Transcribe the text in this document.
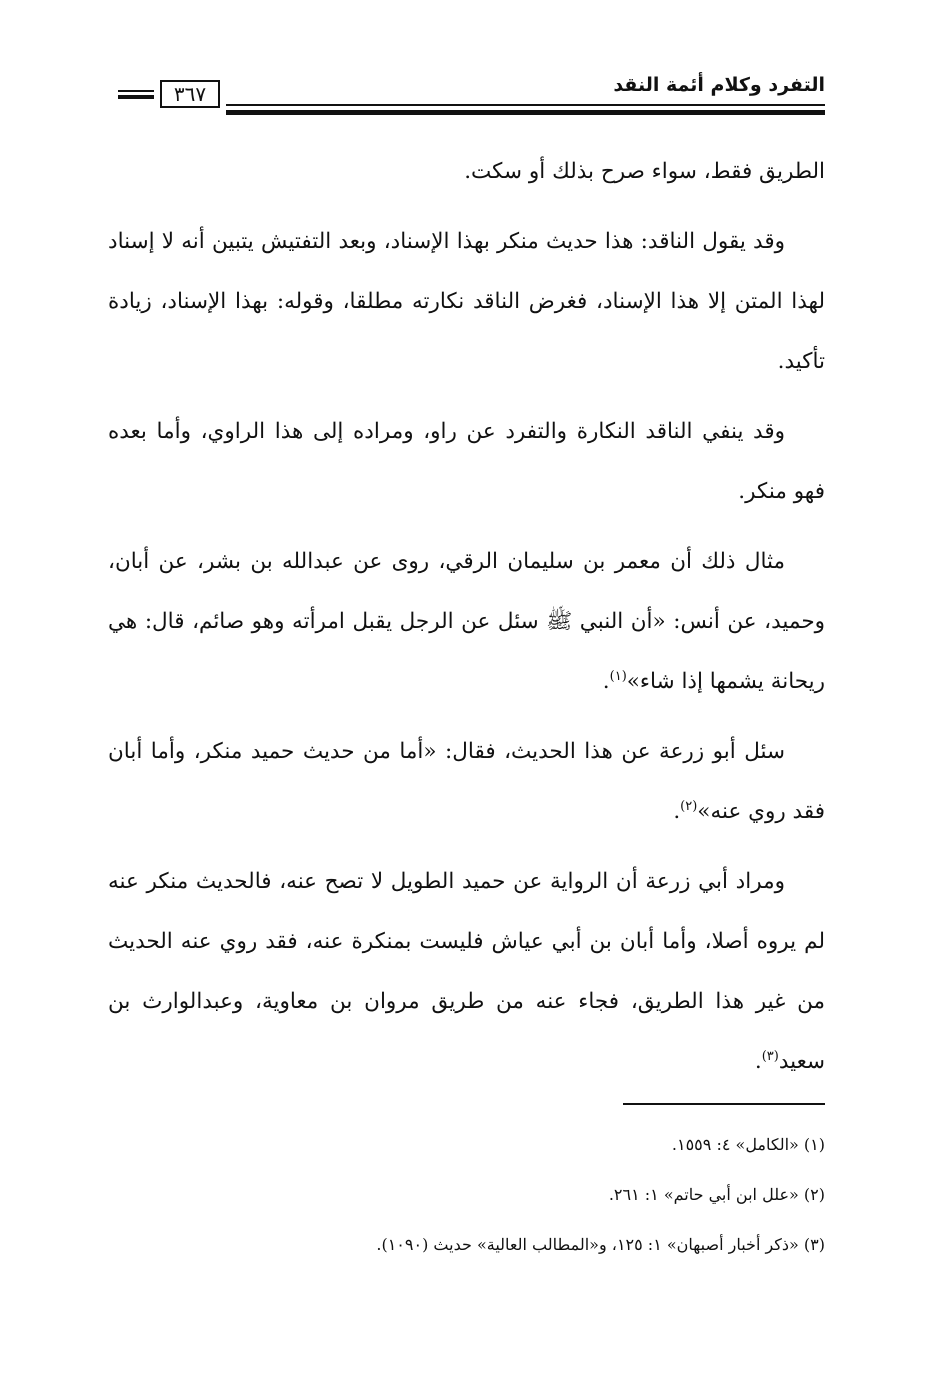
التفرد وكلام أئمة النقد
٣٦٧

الطريق فقط، سواء صرح بذلك أو سكت.

وقد يقول الناقد: هذا حديث منكر بهذا الإسناد، وبعد التفتيش يتبين أنه لا إسناد لهذا المتن إلا هذا الإسناد، فغرض الناقد نكارته مطلقا، وقوله: بهذا الإسناد، زيادة تأكيد.

وقد ينفي الناقد النكارة والتفرد عن راو، ومراده إلى هذا الراوي، وأما بعده فهو منكر.

مثال ذلك أن معمر بن سليمان الرقي، روى عن عبدالله بن بشر، عن أبان، وحميد، عن أنس: «أن النبي ﷺ سئل عن الرجل يقبل امرأته وهو صائم، قال: هي ريحانة يشمها إذا شاء»$^{(١)}$.

سئل أبو زرعة عن هذا الحديث، فقال: «أما من حديث حميد منكر، وأما أبان فقد روي عنه»$^{(٢)}$.

ومراد أبي زرعة أن الرواية عن حميد الطويل لا تصح عنه، فالحديث منكر عنه لم يروه أصلا، وأما أبان بن أبي عياش فليست بمنكرة عنه، فقد روي عنه الحديث من غير هذا الطريق، فجاء عنه من طريق مروان بن معاوية، وعبدالوارث بن سعيد$^{(٣)}$.

(١) «الكامل» ٤: ١٥٥٩.

(٢) «علل ابن أبي حاتم» ١: ٢٦١.

(٣) «ذكر أخبار أصبهان» ١: ١٢٥، و«المطالب العالية» حديث (١٠٩٠).
